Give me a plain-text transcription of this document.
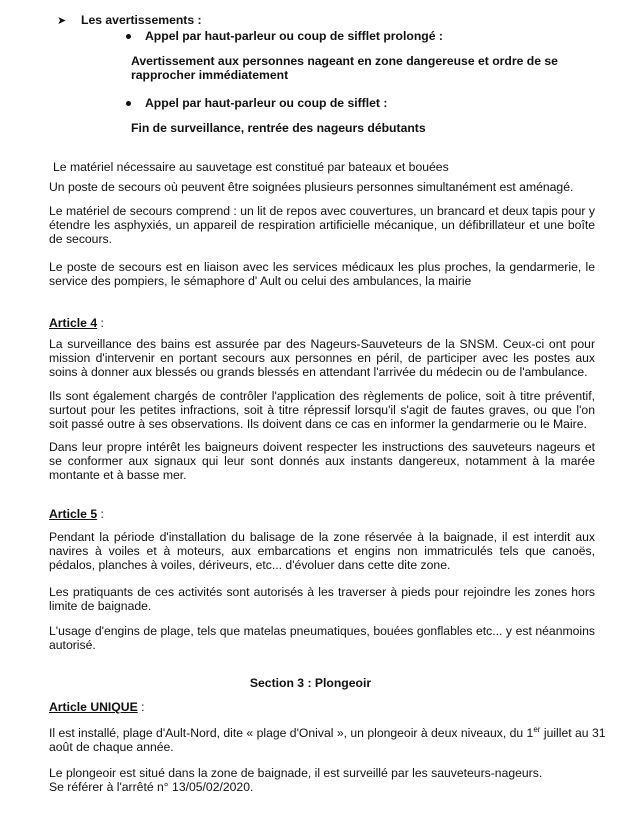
➤ Les avertissements :

Appel par haut-parleur ou coup de sifflet prolongé :

Avertissement aux personnes nageant en zone dangereuse et ordre de se rapprocher immédiatement

Appel par haut-parleur ou coup de sifflet :

Fin de surveillance, rentrée des nageurs débutants

Le matériel nécessaire au sauvetage est constitué par bateaux et bouées

Un poste de secours où peuvent être soignées plusieurs personnes simultanément est aménagé.

Le matériel de secours comprend : un lit de repos avec couvertures, un brancard et deux tapis pour y étendre les asphyxiés, un appareil de respiration artificielle mécanique, un défibrillateur et une boîte de secours.

Le poste de secours est en liaison avec les services médicaux les plus proches, la gendarmerie, le service des pompiers, le sémaphore d' Ault ou celui des ambulances, la mairie

Article 4 :

La surveillance des bains est assurée par des Nageurs-Sauveteurs de la SNSM. Ceux-ci ont pour mission d'intervenir en portant secours aux personnes en péril, de participer avec les postes aux soins à donner aux blessés ou grands blessés en attendant l'arrivée du médecin ou de l'ambulance.

Ils sont également chargés de contrôler l'application des règlements de police, soit à titre préventif, surtout pour les petites infractions, soit à titre répressif lorsqu'il s'agit de fautes graves, ou que l'on soit passé outre à ses observations. Ils doivent dans ce cas en informer la gendarmerie ou le Maire.

Dans leur propre intérêt les baigneurs doivent respecter les instructions des sauveteurs nageurs et se conformer aux signaux qui leur sont donnés aux instants dangereux, notamment à la marée montante et à basse mer.

Article 5 :

Pendant la période d'installation du balisage de la zone réservée à la baignade, il est interdit aux navires à voiles et à moteurs, aux embarcations et engins non immatriculés tels que canoës, pédalos, planches à voiles, dériveurs, etc... d'évoluer dans cette dite zone.

Les pratiquants de ces activités sont autorisés à les traverser à pieds pour rejoindre les zones hors limite de baignade.

L'usage d'engins de plage, tels que matelas pneumatiques, bouées gonflables etc... y est néanmoins autorisé.

Section 3 : Plongeoir

Article UNIQUE :

Il est installé, plage d'Ault-Nord, dite « plage d'Onival », un plongeoir à deux niveaux, du 1er juillet au 31

août de chaque année.

Le plongeoir est situé dans la zone de baignade, il est surveillé par les sauveteurs-nageurs.

Se référer à l'arrêté n° 13/05/02/2020.
